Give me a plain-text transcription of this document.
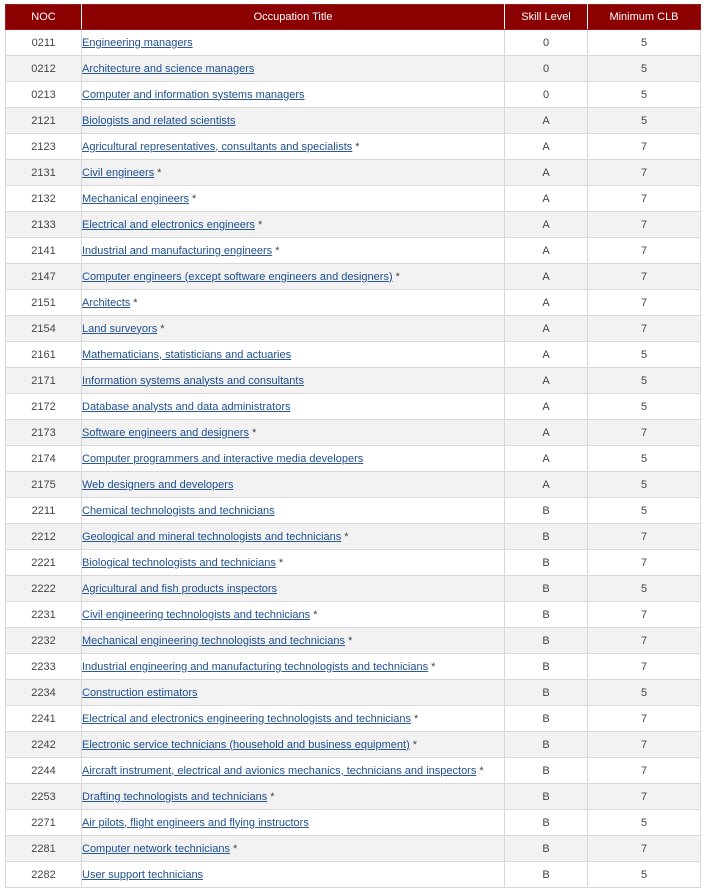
NOC	Occupation Title	Skill Level	Minimum CLB
0211	Engineering managers	0	5
0212	Architecture and science managers	0	5
0213	Computer and information systems managers	0	5
2121	Biologists and related scientists	A	5
2123	Agricultural representatives, consultants and specialists *	A	7
2131	Civil engineers *	A	7
2132	Mechanical engineers *	A	7
2133	Electrical and electronics engineers *	A	7
2141	Industrial and manufacturing engineers *	A	7
2147	Computer engineers (except software engineers and designers) *	A	7
2151	Architects *	A	7
2154	Land surveyors *	A	7
2161	Mathematicians, statisticians and actuaries	A	5
2171	Information systems analysts and consultants	A	5
2172	Database analysts and data administrators	A	5
2173	Software engineers and designers *	A	7
2174	Computer programmers and interactive media developers	A	5
2175	Web designers and developers	A	5
2211	Chemical technologists and technicians	B	5
2212	Geological and mineral technologists and technicians *	B	7
2221	Biological technologists and technicians *	B	7
2222	Agricultural and fish products inspectors	B	5
2231	Civil engineering technologists and technicians *	B	7
2232	Mechanical engineering technologists and technicians *	B	7
2233	Industrial engineering and manufacturing technologists and technicians *	B	7
2234	Construction estimators	B	5
2241	Electrical and electronics engineering technologists and technicians *	B	7
2242	Electronic service technicians (household and business equipment) *	B	7
2244	Aircraft instrument, electrical and avionics mechanics, technicians and inspectors *	B	7
2253	Drafting technologists and technicians *	B	7
2271	Air pilots, flight engineers and flying instructors	B	5
2281	Computer network technicians *	B	7
2282	User support technicians	B	5
